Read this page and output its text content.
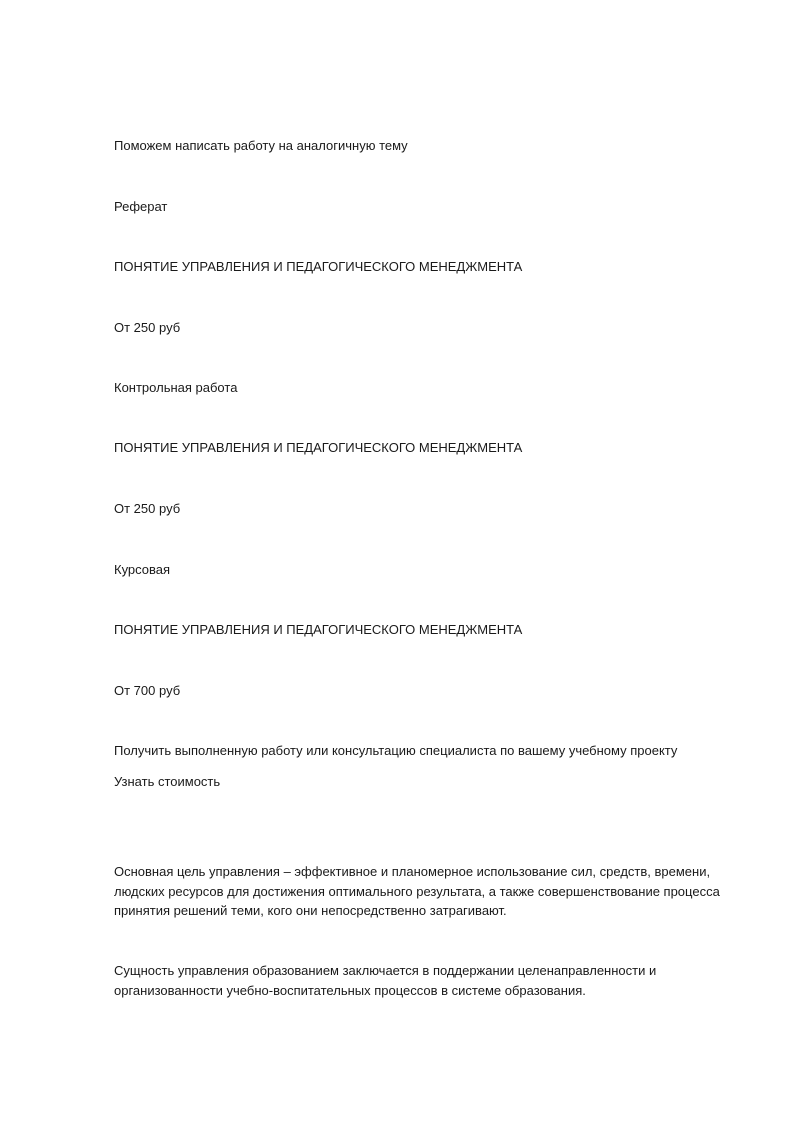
Поможем написать работу на аналогичную тему
Реферат
ПОНЯТИЕ УПРАВЛЕНИЯ И ПЕДАГОГИЧЕСКОГО МЕНЕДЖМЕНТА
От 250 руб
Контрольная работа
ПОНЯТИЕ УПРАВЛЕНИЯ И ПЕДАГОГИЧЕСКОГО МЕНЕДЖМЕНТА
От 250 руб
Курсовая
ПОНЯТИЕ УПРАВЛЕНИЯ И ПЕДАГОГИЧЕСКОГО МЕНЕДЖМЕНТА
От 700 руб
Получить выполненную работу или консультацию специалиста по вашему учебному проекту
Узнать стоимость
Основная цель управления – эффективное и планомерное использование сил, средств, времени, людских ресурсов для достижения оптимального результата, а также совершенствование процесса принятия решений теми, кого они непосредственно затрагивают.
Сущность управления образованием заключается в поддержании целенаправленности и организованности учебно-воспитательных процессов в системе образования.
